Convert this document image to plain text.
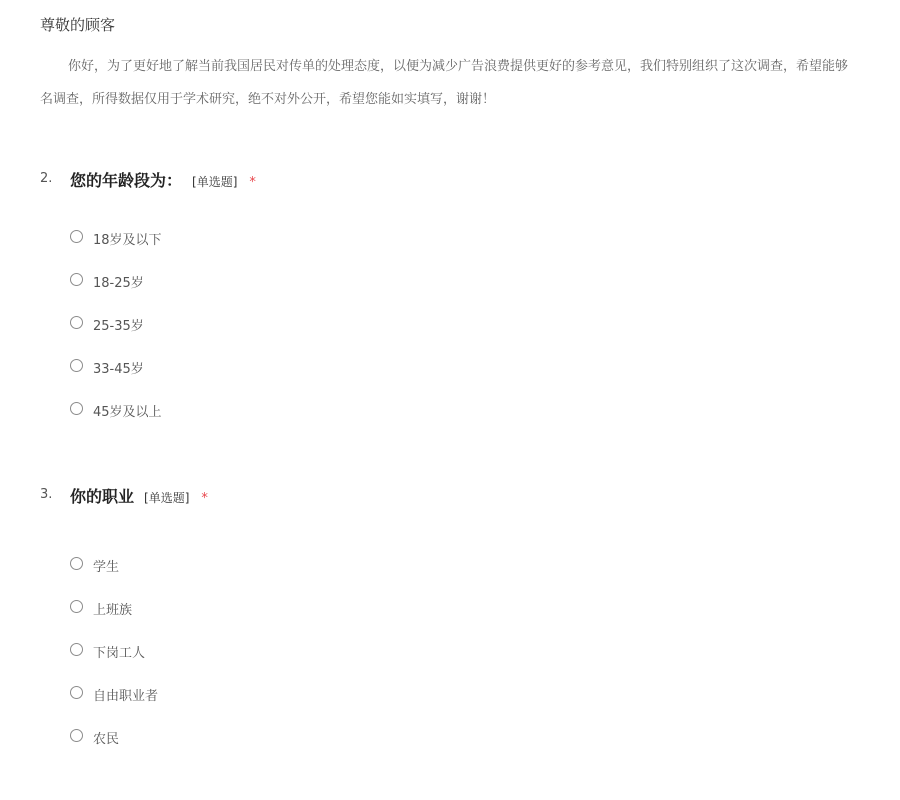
尊敬的顾客
你好，为了更好地了解当前我国居民对传单的处理态度，以便为减少广告浪费提供更好的参考意见，我们特别组织了这次调查，希望能够
名调查，所得数据仅用于学术研究，绝不对外公开，希望您能如实填写，谢谢！
2. 您的年龄段为： [单选题] *
18岁及以下
18-25岁
25-35岁
33-45岁
45岁及以上
3. 你的职业 [单选题] *
学生
上班族
下岗工人
自由职业者
农民
